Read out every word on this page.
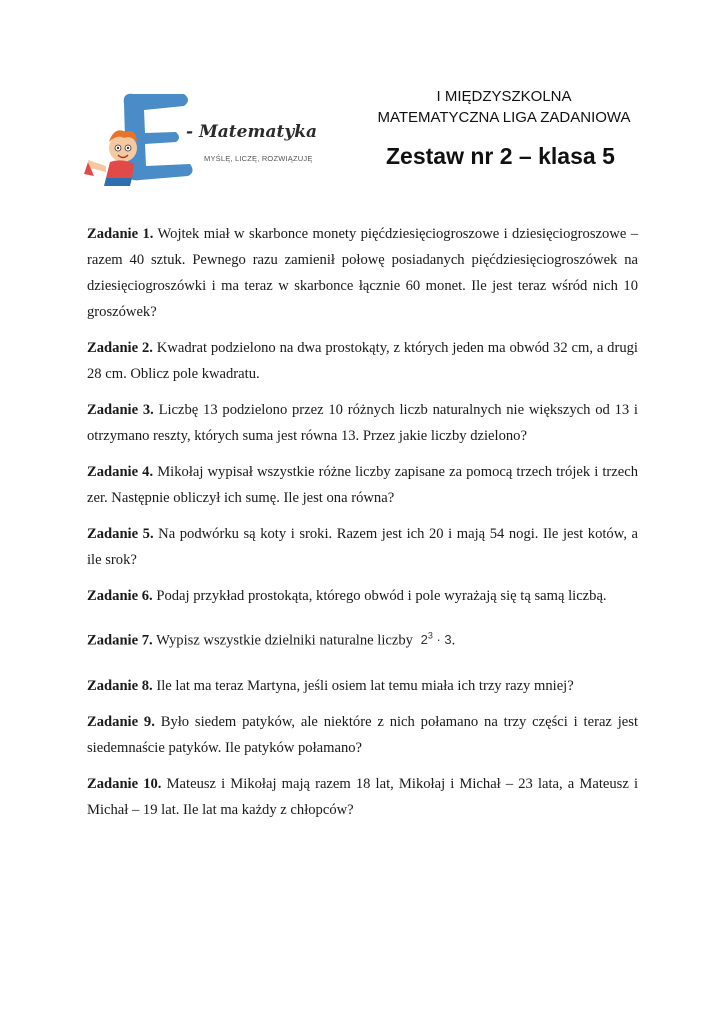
- Matematyka
MYŚLĘ, LICZĘ, ROZWIĄZUJĘ
I MIĘDZYSZKOLNA
MATEMATYCZNA LIGA ZADANIOWA
Zestaw nr 2 – klasa 5

Zadanie 1. Wojtek miał w skarbonce monety pięćdziesięciogroszowe i dziesięciogroszowe – razem 40 sztuk. Pewnego razu zamienił połowę posiadanych pięćdziesięciogroszówek na dziesięciogroszówki i ma teraz w skarbonce łącznie 60 monet. Ile jest teraz wśród nich 10 groszówek?

Zadanie 2. Kwadrat podzielono na dwa prostokąty, z których jeden ma obwód 32 cm, a drugi 28 cm. Oblicz pole kwadratu.

Zadanie 3. Liczbę 13 podzielono przez 10 różnych liczb naturalnych nie większych od 13 i otrzymano reszty, których suma jest równa 13. Przez jakie liczby dzielono?

Zadanie 4. Mikołaj wypisał wszystkie różne liczby zapisane za pomocą trzech trójek i trzech zer. Następnie obliczył ich sumę. Ile jest ona równa?

Zadanie 5. Na podwórku są koty i sroki. Razem jest ich 20 i mają 54 nogi. Ile jest kotów, a ile srok?

Zadanie 6. Podaj przykład prostokąta, którego obwód i pole wyrażają się tą samą liczbą.

Zadanie 7. Wypisz wszystkie dzielniki naturalne liczby $2^3 \cdot 3$.

Zadanie 8. Ile lat ma teraz Martyna, jeśli osiem lat temu miała ich trzy razy mniej?

Zadanie 9. Było siedem patyków, ale niektóre z nich połamano na trzy części i teraz jest siedemnaście patyków. Ile patyków połamano?

Zadanie 10. Mateusz i Mikołaj mają razem 18 lat, Mikołaj i Michał – 23 lata, a Mateusz i Michał – 19 lat. Ile lat ma każdy z chłopców?
